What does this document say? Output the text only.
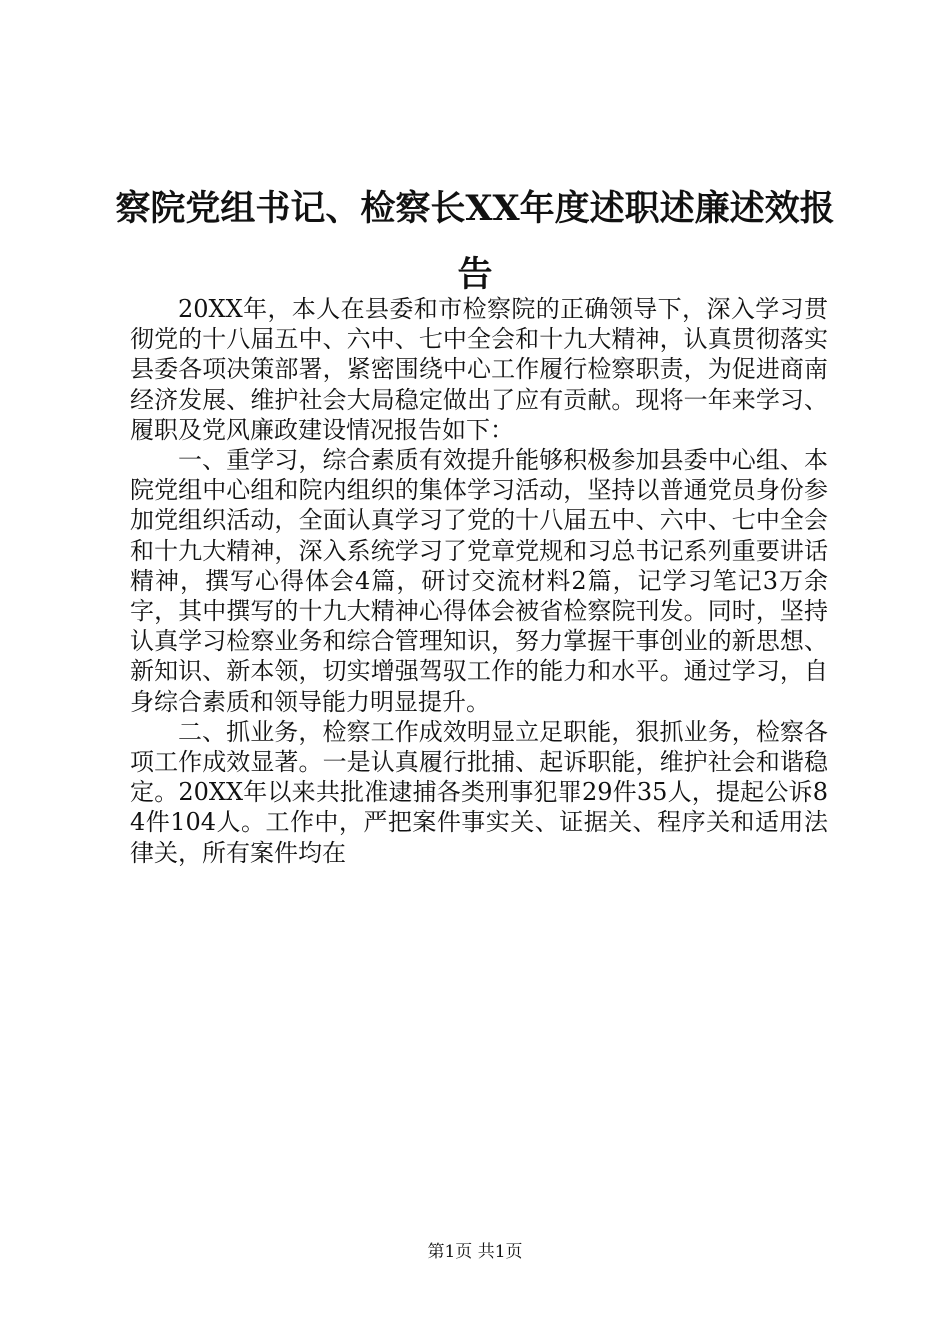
察院党组书记、检察长XX年度述职述廉述效报告

20XX年，本人在县委和市检察院的正确领导下，深入学习贯彻党的十八届五中、六中、七中全会和十九大精神，认真贯彻落实县委各项决策部署，紧密围绕中心工作履行检察职责，为促进商南经济发展、维护社会大局稳定做出了应有贡献。现将一年来学习、履职及党风廉政建设情况报告如下：

一、重学习，综合素质有效提升能够积极参加县委中心组、本院党组中心组和院内组织的集体学习活动，坚持以普通党员身份参加党组织活动，全面认真学习了党的十八届五中、六中、七中全会和十九大精神，深入系统学习了党章党规和习总书记系列重要讲话精神，撰写心得体会4篇，研讨交流材料2篇，记学习笔记3万余字，其中撰写的十九大精神心得体会被省检察院刊发。同时，坚持认真学习检察业务和综合管理知识，努力掌握干事创业的新思想、新知识、新本领，切实增强驾驭工作的能力和水平。通过学习，自身综合素质和领导能力明显提升。

二、抓业务，检察工作成效明显立足职能，狠抓业务，检察各项工作成效显著。一是认真履行批捕、起诉职能，维护社会和谐稳定。20XX年以来共批准逮捕各类刑事犯罪29件35人，提起公诉84件104人。工作中，严把案件事实关、证据关、程序关和适用法律关，所有案件均在

第1页 共1页
